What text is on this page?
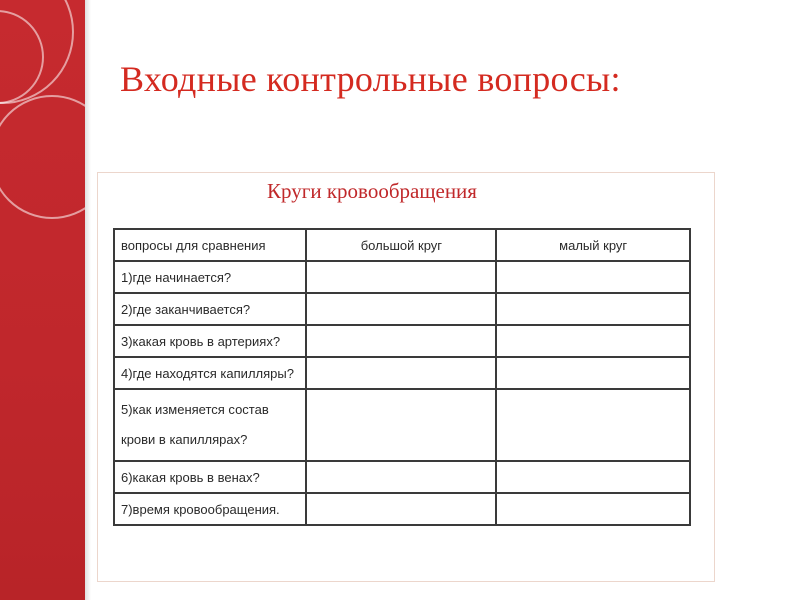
Входные контрольные вопросы:
Круги кровообращения
вопросы для сравнения	большой круг	малый круг
1)где начинается?		
2)где заканчивается?		
3)какая кровь в артериях?		
4)где находятся капилляры?		
5)как изменяется состав
крови в капиллярах?		
6)какая кровь в венах?		
7)время кровообращения.		
